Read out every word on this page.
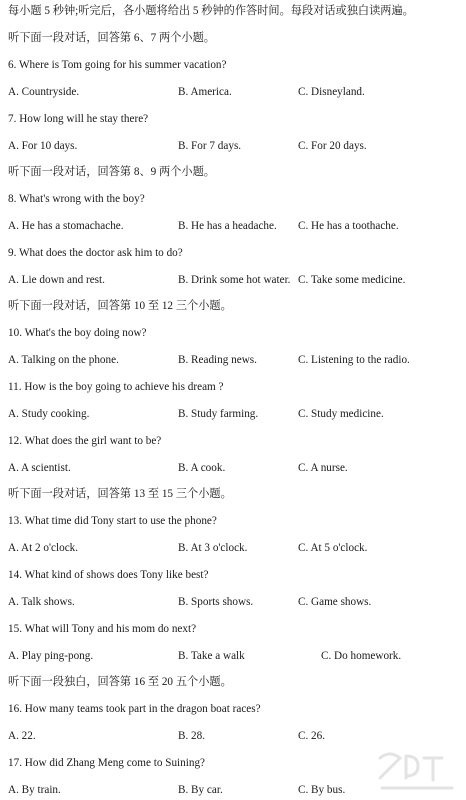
每小题 5 秒钟;听完后，各小题将给出 5 秒钟的作答时间。每段对话或独白读两遍。
听下面一段对话，回答第 6、7 两个小题。
6. Where is Tom going for his summer vacation?
A. Countryside.	B. America.	C. Disneyland.
7. How long will he stay there?
A. For 10 days.	B. For 7 days.	C. For 20 days.
听下面一段对话，回答第 8、9 两个小题。
8. What's wrong with the boy?
A. He has a stomachache.	B. He has a headache. C. He has a toothache.
9. What does the doctor ask him to do?
A. Lie down and rest.	B. Drink some hot water. C. Take some medicine.
听下面一段对话，回答第 10 至 12 三个小题。
10. What's the boy doing now?
A. Talking on the phone.	B. Reading news.	C. Listening to the radio.
11. How is the boy going to achieve his dream ?
A. Study cooking.	B. Study farming.	C. Study medicine.
12. What does the girl want to be?
A. A scientist.	B. A cook.	C. A nurse.
听下面一段对话，回答第 13 至 15 三个小题。
13. What time did Tony start to use the phone?
A. At 2 o'clock.	B. At 3 o'clock.	C. At 5 o'clock.
14. What kind of shows does Tony like best?
A. Talk shows.	B. Sports shows.	C. Game shows.
15. What will Tony and his mom do next?
A. Play ping-pong.	B. Take a walk	C. Do homework.
听下面一段独白，回答第 16 至 20 五个小题。
16. How many teams took part in the dragon boat races?
A. 22.	B. 28.	C. 26.
17. How did Zhang Meng come to Suining?
A. By train.	B. By car.	C. By bus.
